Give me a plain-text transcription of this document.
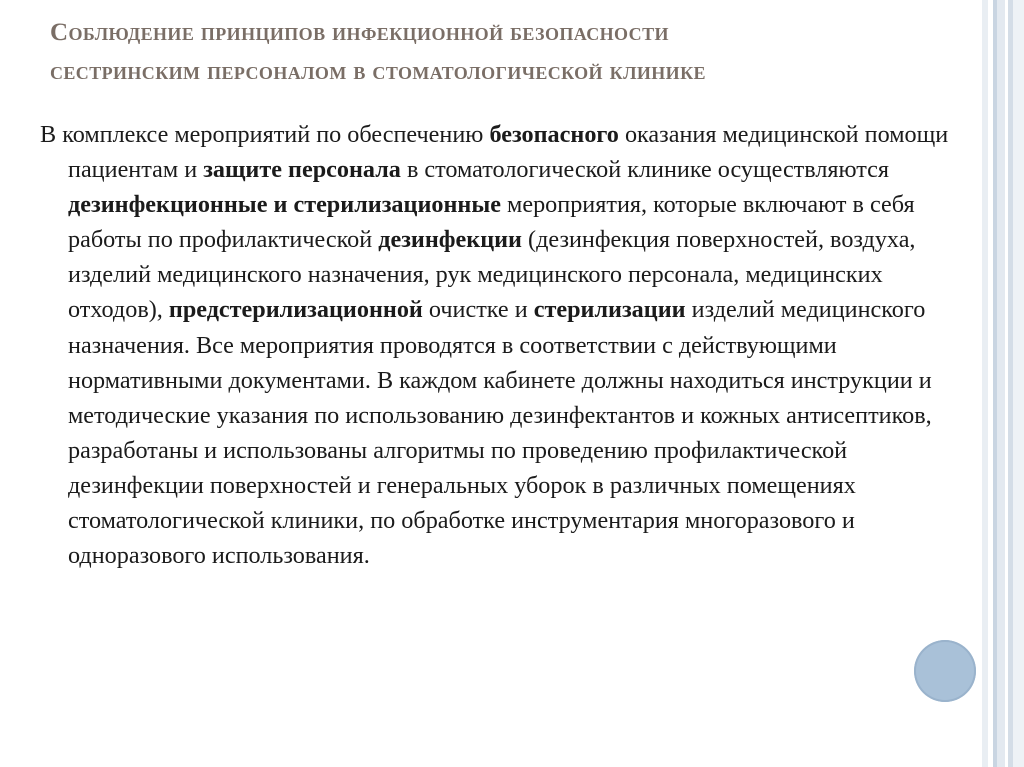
Соблюдение принципов инфекционной безопасности
сестринским персоналом в стоматологической клинике

В комплексе мероприятий по обеспечению безопасного оказания медицинской помощи пациентам и защите персонала в стоматологической клинике осуществляются дезинфекционные и стерилизационные мероприятия, которые включают в себя работы по профилактической дезинфекции (дезинфекция поверхностей, воздуха, изделий медицинского назначения, рук медицинского персонала, медицинских отходов), предстерилизационной очистке и стерилизации изделий медицинского назначения. Все мероприятия проводятся в соответствии с действующими нормативными документами. В каждом кабинете должны находиться инструкции и методические указания по использованию дезинфектантов и кожных антисептиков, разработаны и использованы алгоритмы по проведению профилактической дезинфекции поверхностей и генеральных уборок в различных помещениях стоматологической клиники, по обработке инструментария многоразового и одноразового использования.
